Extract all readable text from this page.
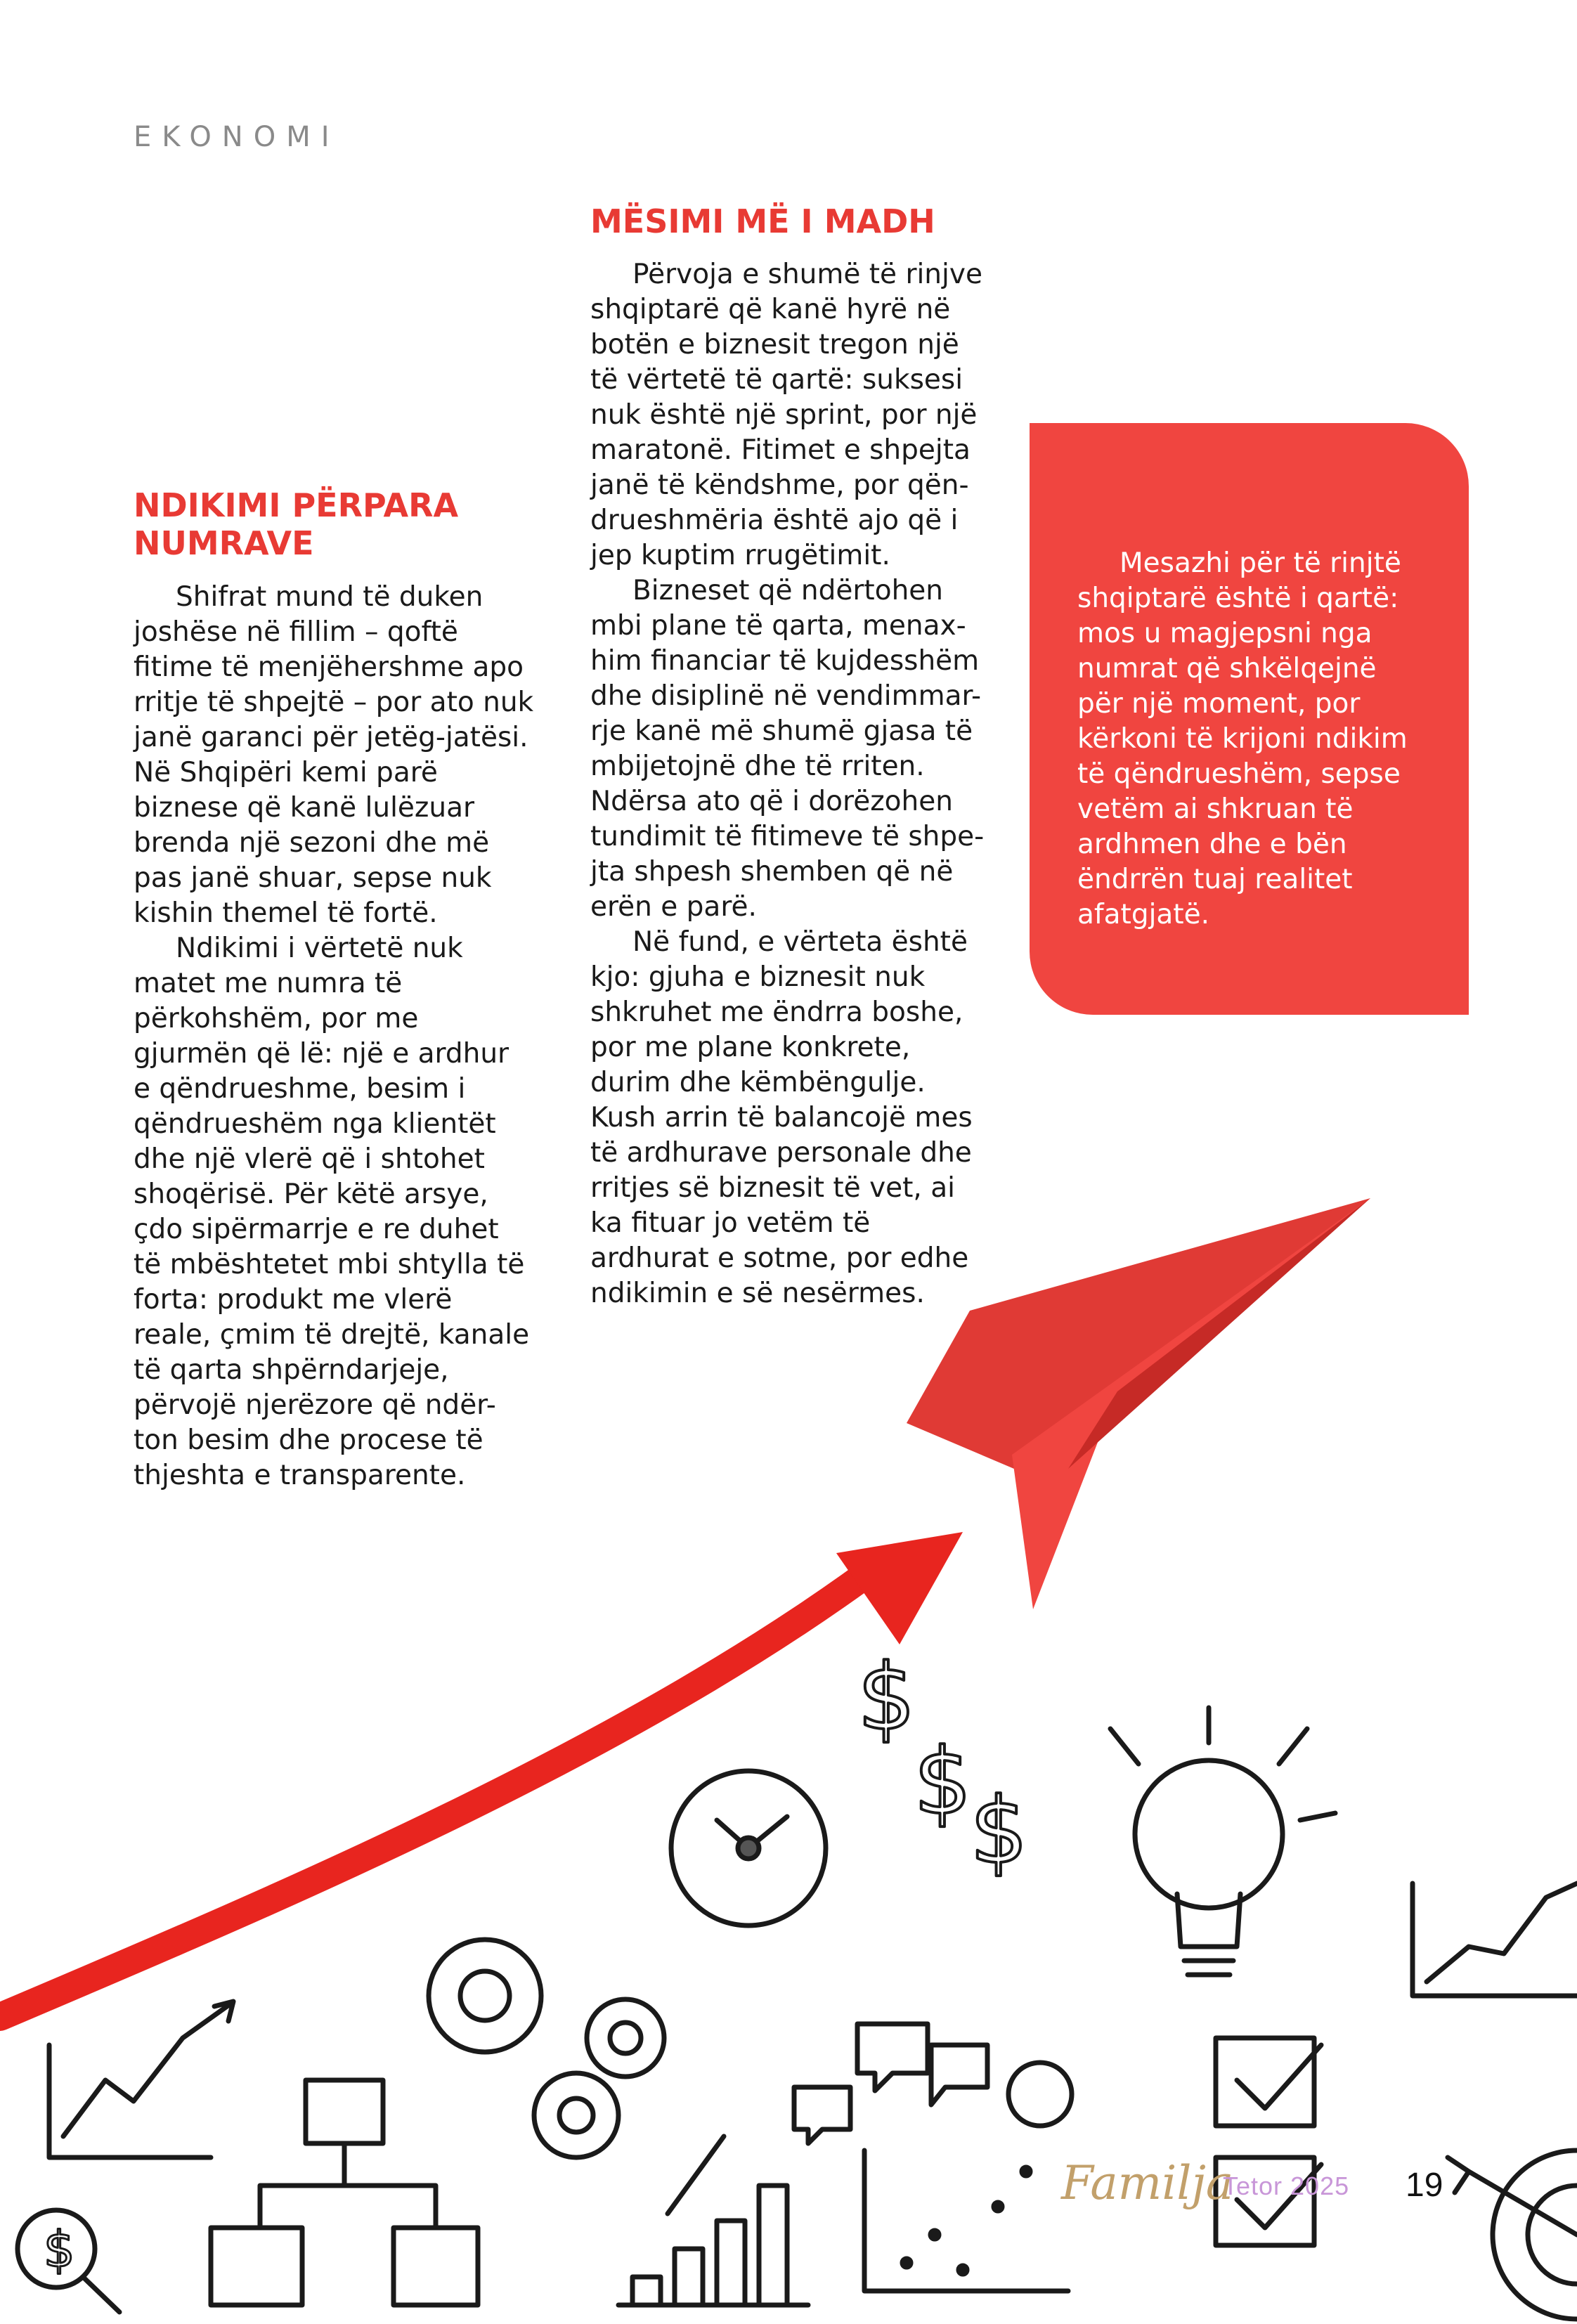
EKONOMI
NDIKIMI PËRPARA NUMRAVE

Shifrat mund të duken joshëse në fillim – qoftë fitime të menjëhershme apo rritje të shpejtë – por ato nuk janë garanci për jetëg-jatësi. Në Shqipëri kemi parë biznese që kanë lulëzuar brenda një sezoni dhe më pas janë shuar, sepse nuk kishin themel të fortë.

Ndikimi i vërtetë nuk matet me numra të përkohshëm, por me gjurmën që lë: një e ardhur e qëndrueshme, besim i qëndrueshëm nga klientët dhe një vlerë që i shtohet shoqërisë. Për këtë arsye, çdo sipërmarrje e re duhet të mbështetet mbi shtylla të forta: produkt me vlerë reale, çmim të drejtë, kanale të qarta shpërndarjeje, përvojë njerëzore që ndër-ton besim dhe procese të thjeshta e transparente.

MËSIMI MË I MADH

Përvoja e shumë të rinjve shqiptarë që kanë hyrë në botën e biznesit tregon një të vërtetë të qartë: suksesi nuk është një sprint, por një maratonë. Fitimet e shpejta janë të këndshme, por qën-drueshmëria është ajo që i jep kuptim rrugëtimit.

Bizneset që ndërtohen mbi plane të qarta, menax-him financiar të kujdesshëm dhe disiplinë në vendimmar-rje kanë më shumë gjasa të mbijetojnë dhe të rriten. Ndërsa ato që i dorëzohen tundimit të fitimeve të shpe-jta shpesh shemben që në erën e parë.

Në fund, e vërteta është kjo: gjuha e biznesit nuk shkruhet me ëndrra boshe, por me plane konkrete, durim dhe këmbëngulje. Kush arrin të balancojë mes të ardhurave personale dhe rritjes së biznesit të vet, ai ka fituar jo vetëm të ardhurat e sotme, por edhe ndikimin e së nesërmes.

Mesazhi për të rinjtë shqiptarë është i qartë: mos u magjepsni nga numrat që shkëlqejnë për një moment, por kërkoni të krijoni ndikim të qëndrueshëm, sepse vetëm ai shkruan të ardhmen dhe e bën ëndrrën tuaj realitet afatgjatë.

$
$
$
$
Familja
Tetor 2025 19
